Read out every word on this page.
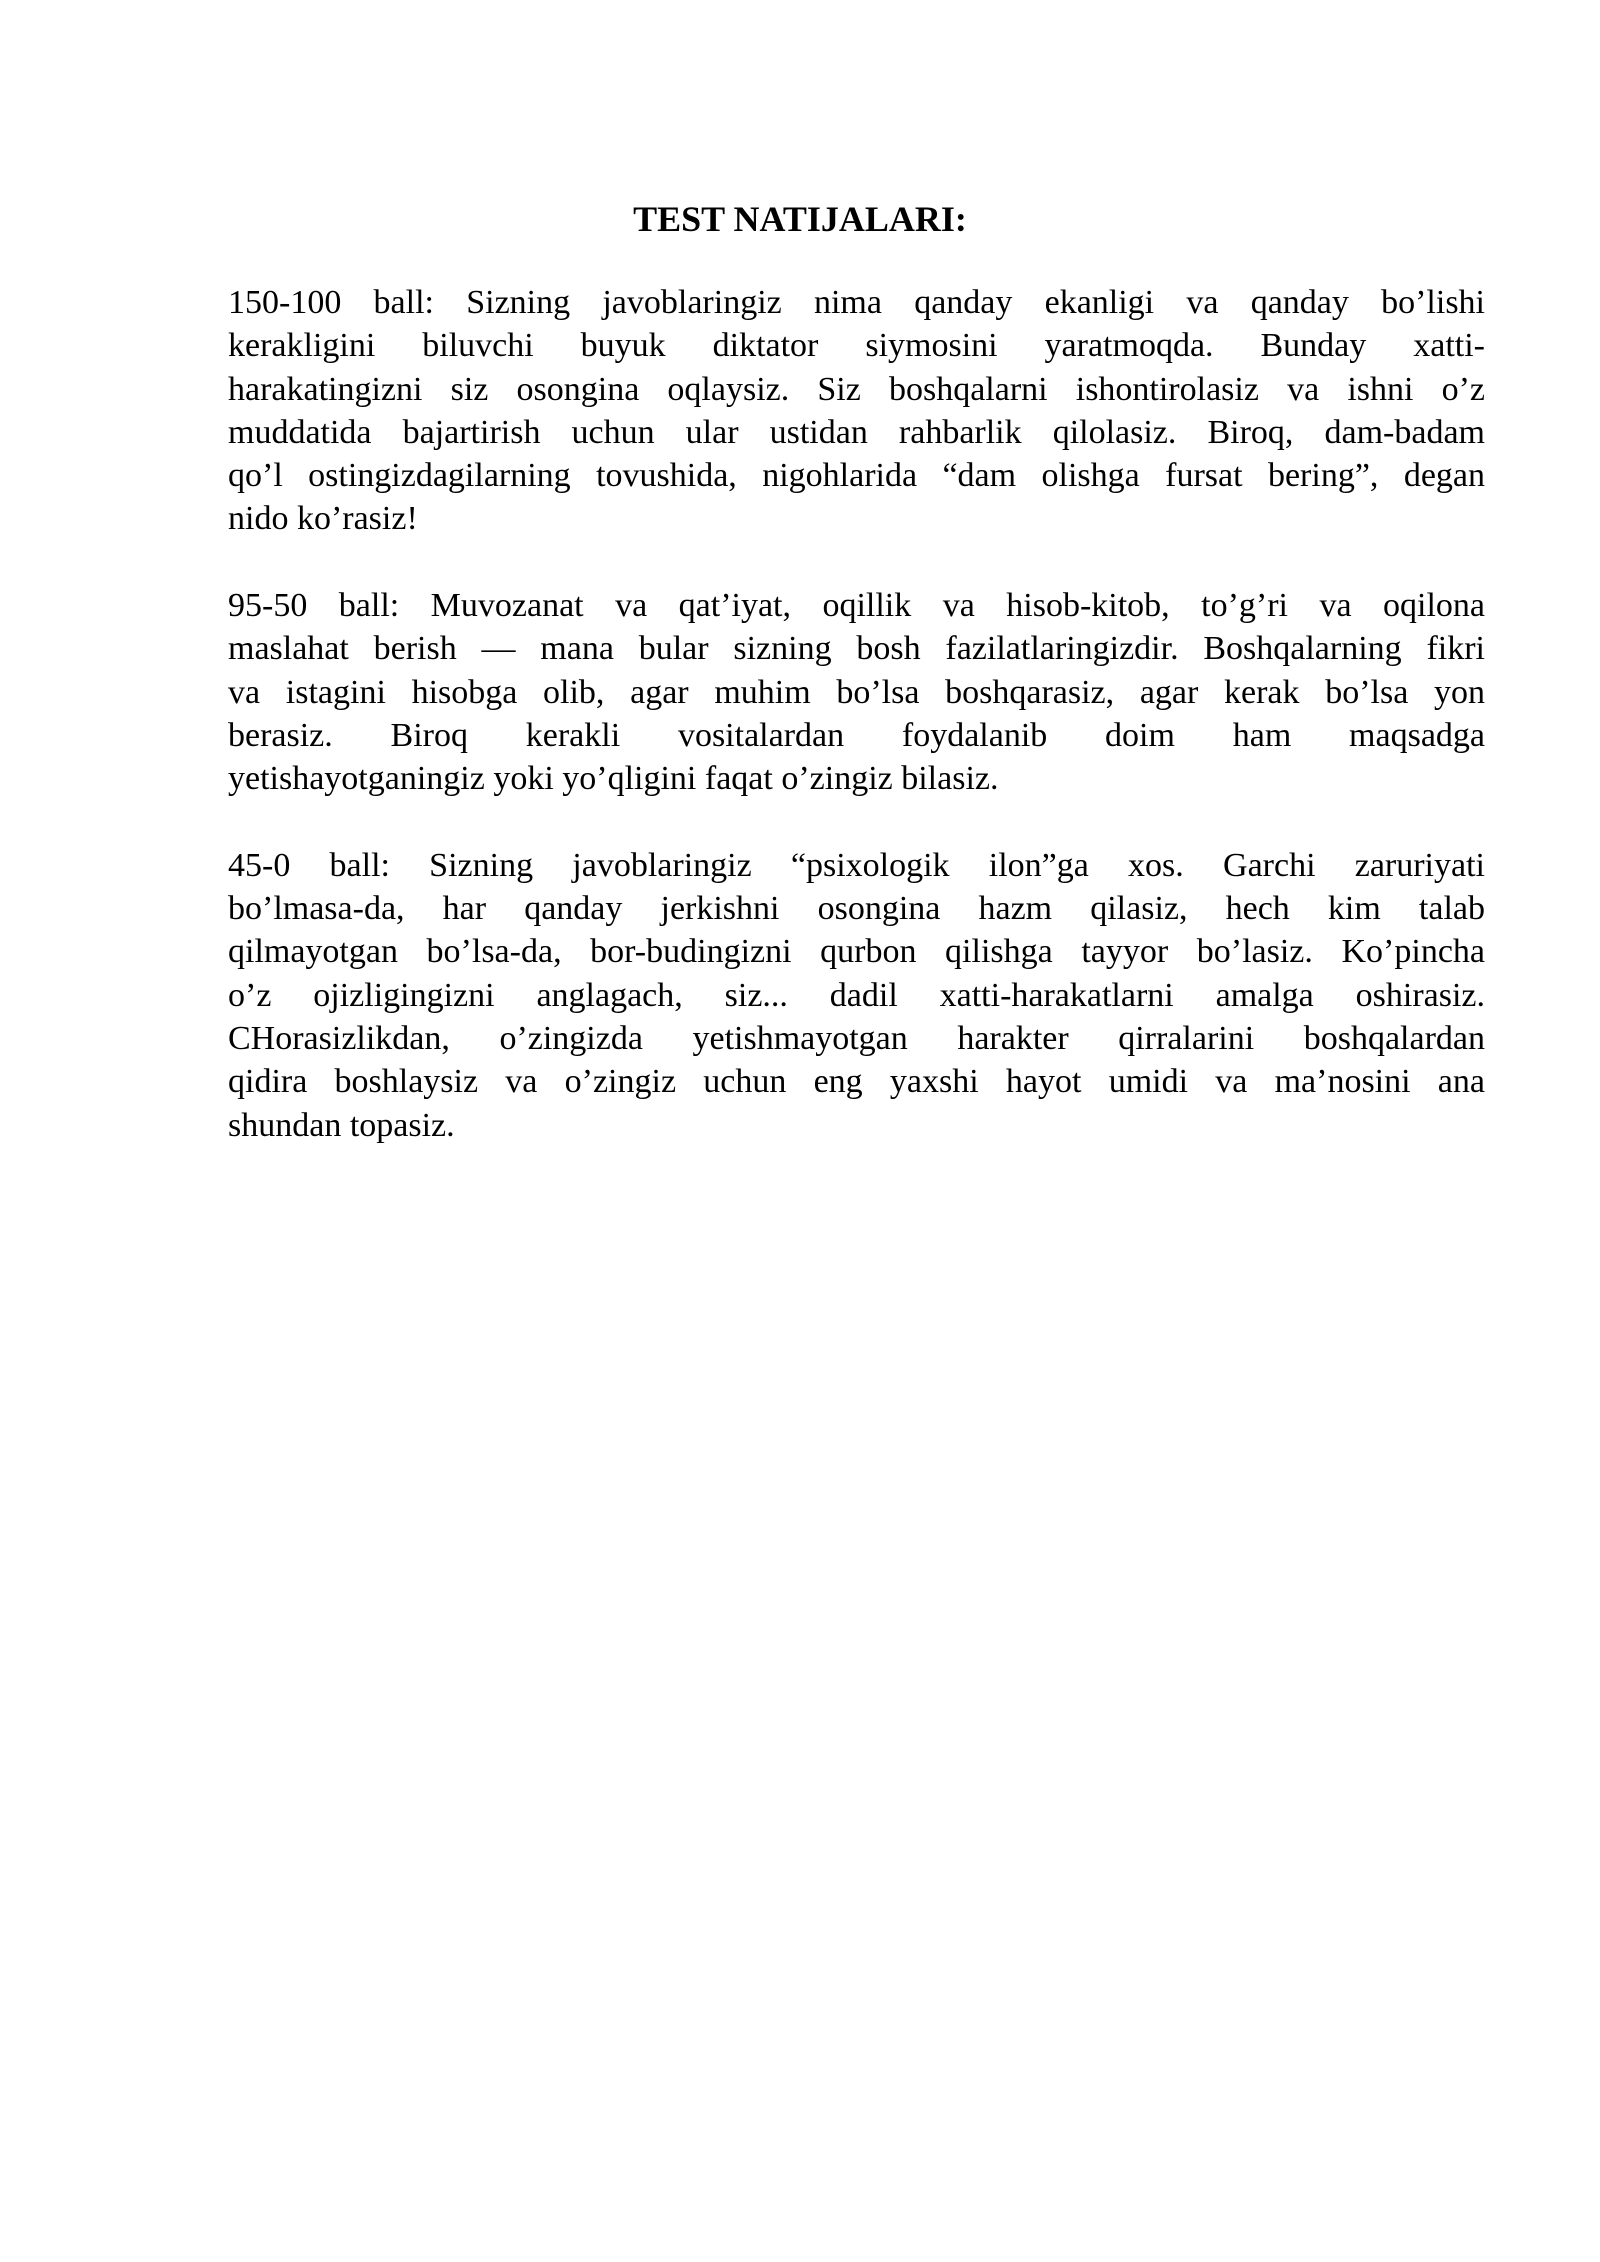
TEST NATIJALARI:

150-100 ball: Sizning javoblaringiz nima qanday ekanligi va qanday bo’lishi
kerakligini biluvchi buyuk diktator siymosini yaratmoqda. Bunday xatti-
harakatingizni siz osongina oqlaysiz. Siz boshqalarni ishontirolasiz va ishni o’z
muddatida bajartirish uchun ular ustidan rahbarlik qilolasiz. Biroq, dam-badam
qo’l ostingizdagilarning tovushida, nigohlarida “dam olishga fursat bering”, degan
nido ko’rasiz!

95-50 ball: Muvozanat va qat’iyat, oqillik va hisob-kitob, to’g’ri va oqilona
maslahat berish — mana bular sizning bosh fazilatlaringizdir. Boshqalarning fikri
va istagini hisobga olib, agar muhim bo’lsa boshqarasiz, agar kerak bo’lsa yon
berasiz. Biroq kerakli vositalardan foydalanib doim ham maqsadga
yetishayotganingiz yoki yo’qligini faqat o’zingiz bilasiz.

45-0 ball: Sizning javoblaringiz “psixologik ilon”ga xos. Garchi zaruriyati
bo’lmasa-da, har qanday jerkishni osongina hazm qilasiz, hech kim talab
qilmayotgan bo’lsa-da, bor-budingizni qurbon qilishga tayyor bo’lasiz. Ko’pincha
o’z ojizligingizni anglagach, siz... dadil xatti-harakatlarni amalga oshirasiz.
CHorasizlikdan, o’zingizda yetishmayotgan harakter qirralarini boshqalardan
qidira boshlaysiz va o’zingiz uchun eng yaxshi hayot umidi va ma’nosini ana
shundan topasiz.
